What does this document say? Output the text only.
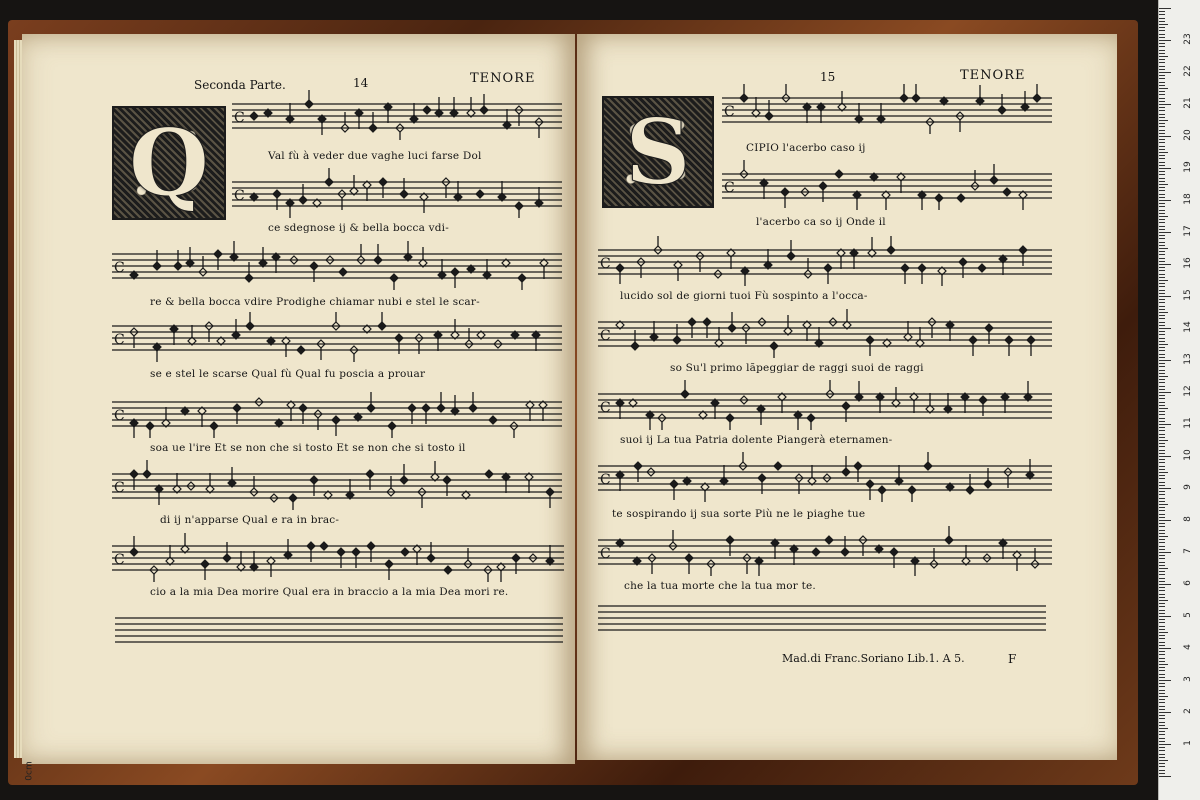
Seconda Parte.	14	TENORE
Q
15	TENORE
S
C
C
C
C
C
C
C
C
C
C
C
C
C
C
Val fù à veder due vaghe luci farse Dol
ce sdegnose ij & bella bocca vdi-
re & bella bocca vdire Prodighe chiamar nubi e stel le scar-
se e stel le scarse Qual fù Qual fu poscia a prouar
soa ue l'ire Et se non che si tosto Et se non che si tosto il
di ij n'apparse Qual e ra in brac-
cio a la mia Dea morire Qual era in braccio a la mia Dea mori re.
CIPIO l'acerbo caso ij
l'acerbo ca so ij Onde il
lucido sol de giorni tuoi Fù sospinto a l'occa-
so Su'l primo lãpeggiar de raggi suoi de raggi
suoi ij La tua Patria dolente Piangerà eternamen-
te sospirando ij sua sorte Più ne le piaghe tue
che la tua morte che la tua mor te.
Mad.di Franc.Soriano Lib.1. A 5.	F
1
2
3
4
5
6
7
8
9
10
11
12
13
14
15
16
17
18
19
20
21
22
23
0cm
